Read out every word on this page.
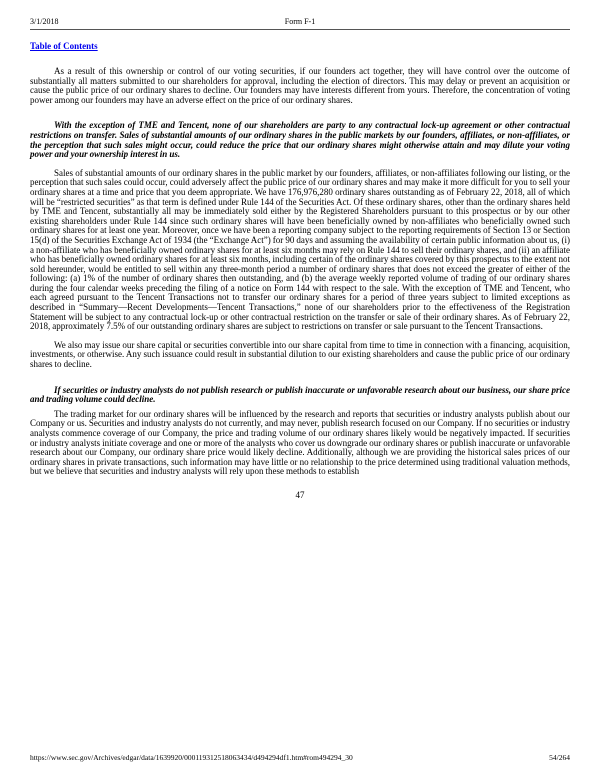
3/1/2018	Form F-1
Table of Contents

As a result of this ownership or control of our voting securities, if our founders act together, they will have control over the outcome of substantially all matters submitted to our shareholders for approval, including the election of directors. This may delay or prevent an acquisition or cause the public price of our ordinary shares to decline. Our founders may have interests different from yours. Therefore, the concentration of voting power among our founders may have an adverse effect on the price of our ordinary shares.

With the exception of TME and Tencent, none of our shareholders are party to any contractual lock-up agreement or other contractual restrictions on transfer. Sales of substantial amounts of our ordinary shares in the public markets by our founders, affiliates, or non-affiliates, or the perception that such sales might occur, could reduce the price that our ordinary shares might otherwise attain and may dilute your voting power and your ownership interest in us.

Sales of substantial amounts of our ordinary shares in the public market by our founders, affiliates, or non-affiliates following our listing, or the perception that such sales could occur, could adversely affect the public price of our ordinary shares and may make it more difficult for you to sell your ordinary shares at a time and price that you deem appropriate. We have 176,976,280 ordinary shares outstanding as of February 22, 2018, all of which will be “restricted securities” as that term is defined under Rule 144 of the Securities Act. Of these ordinary shares, other than the ordinary shares held by TME and Tencent, substantially all may be immediately sold either by the Registered Shareholders pursuant to this prospectus or by our other existing shareholders under Rule 144 since such ordinary shares will have been beneficially owned by non-affiliates who beneficially owned such ordinary shares for at least one year. Moreover, once we have been a reporting company subject to the reporting requirements of Section 13 or Section 15(d) of the Securities Exchange Act of 1934 (the “Exchange Act”) for 90 days and assuming the availability of certain public information about us, (i) a non-affiliate who has beneficially owned ordinary shares for at least six months may rely on Rule 144 to sell their ordinary shares, and (ii) an affiliate who has beneficially owned ordinary shares for at least six months, including certain of the ordinary shares covered by this prospectus to the extent not sold hereunder, would be entitled to sell within any three-month period a number of ordinary shares that does not exceed the greater of either of the following: (a) 1% of the number of ordinary shares then outstanding, and (b) the average weekly reported volume of trading of our ordinary shares during the four calendar weeks preceding the filing of a notice on Form 144 with respect to the sale. With the exception of TME and Tencent, who each agreed pursuant to the Tencent Transactions not to transfer our ordinary shares for a period of three years subject to limited exceptions as described in “Summary—Recent Developments—Tencent Transactions,” none of our shareholders prior to the effectiveness of the Registration Statement will be subject to any contractual lock-up or other contractual restriction on the transfer or sale of their ordinary shares. As of February 22, 2018, approximately 7.5% of our outstanding ordinary shares are subject to restrictions on transfer or sale pursuant to the Tencent Transactions.

We also may issue our share capital or securities convertible into our share capital from time to time in connection with a financing, acquisition, investments, or otherwise. Any such issuance could result in substantial dilution to our existing shareholders and cause the public price of our ordinary shares to decline.

If securities or industry analysts do not publish research or publish inaccurate or unfavorable research about our business, our share price and trading volume could decline.

The trading market for our ordinary shares will be influenced by the research and reports that securities or industry analysts publish about our Company or us. Securities and industry analysts do not currently, and may never, publish research focused on our Company. If no securities or industry analysts commence coverage of our Company, the price and trading volume of our ordinary shares likely would be negatively impacted. If securities or industry analysts initiate coverage and one or more of the analysts who cover us downgrade our ordinary shares or publish inaccurate or unfavorable research about our Company, our ordinary share price would likely decline. Additionally, although we are providing the historical sales prices of our ordinary shares in private transactions, such information may have little or no relationship to the price determined using traditional valuation methods, but we believe that securities and industry analysts will rely upon these methods to establish

47
https://www.sec.gov/Archives/edgar/data/1639920/000119312518063434/d494294df1.htm#rom494294_30	54/264
